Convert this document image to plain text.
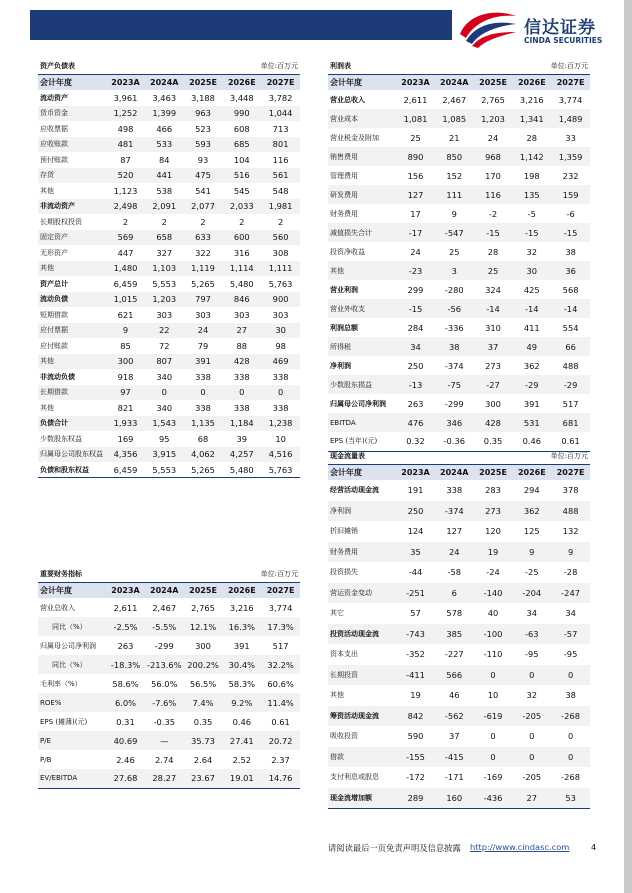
信达证券
CINDA SECURITIES
资产负债表	单位:百万元
会计年度	2023A	2024A	2025E	2026E	2027E
流动资产	3,961	3,463	3,188	3,448	3,782
货币资金	1,252	1,399	963	990	1,044
应收票据	498	466	523	608	713
应收账款	481	533	593	685	801
预付账款	87	84	93	104	116
存货	520	441	475	516	561
其他	1,123	538	541	545	548
非流动资产	2,498	2,091	2,077	2,033	1,981
长期股权投资	2	2	2	2	2
固定资产	569	658	633	600	560
无形资产	447	327	322	316	308
其他	1,480	1,103	1,119	1,114	1,111
资产总计	6,459	5,553	5,265	5,480	5,763
流动负债	1,015	1,203	797	846	900
短期借款	621	303	303	303	303
应付票据	9	22	24	27	30
应付账款	85	72	79	88	98
其他	300	807	391	428	469
非流动负债	918	340	338	338	338
长期借款	97	0	0	0	0
其他	821	340	338	338	338
负债合计	1,933	1,543	1,135	1,184	1,238
少数股东权益	169	95	68	39	10
归属母公司股东权益	4,356	3,915	4,062	4,257	4,516
负债和股东权益	6,459	5,553	5,265	5,480	5,763
重要财务指标	单位:百万元
会计年度	2023A	2024A	2025E	2026E	2027E
营业总收入	2,611	2,467	2,765	3,216	3,774
同比（%）	-2.5%	-5.5%	12.1%	16.3%	17.3%
归属母公司净利润	263	-299	300	391	517
同比（%）	-18.3%	-213.6%	200.2%	30.4%	32.2%
毛利率（%）	58.6%	56.0%	56.5%	58.3%	60.6%
ROE%	6.0%	-7.6%	7.4%	9.2%	11.4%
EPS (摊薄)(元)	0.31	-0.35	0.35	0.46	0.61
P/E	40.69	—	35.73	27.41	20.72
P/B	2.46	2.74	2.64	2.52	2.37
EV/EBITDA	27.68	28.27	23.67	19.01	14.76
利润表	单位:百万元
会计年度	2023A	2024A	2025E	2026E	2027E
营业总收入	2,611	2,467	2,765	3,216	3,774
营业成本	1,081	1,085	1,203	1,341	1,489
营业税金及附加	25	21	24	28	33
销售费用	890	850	968	1,142	1,359
管理费用	156	152	170	198	232
研发费用	127	111	116	135	159
财务费用	17	9	-2	-5	-6
减值损失合计	-17	-547	-15	-15	-15
投资净收益	24	25	28	32	38
其他	-23	3	25	30	36
营业利润	299	-280	324	425	568
营业外收支	-15	-56	-14	-14	-14
利润总额	284	-336	310	411	554
所得税	34	38	37	49	66
净利润	250	-374	273	362	488
少数股东损益	-13	-75	-27	-29	-29
归属母公司净利润	263	-299	300	391	517
EBITDA	476	346	428	531	681
EPS (当年)(元)	0.32	-0.36	0.35	0.46	0.61
现金流量表	单位:百万元
会计年度	2023A	2024A	2025E	2026E	2027E
经营活动现金流	191	338	283	294	378
净利润	250	-374	273	362	488
折旧摊销	124	127	120	125	132
财务费用	35	24	19	9	9
投资损失	-44	-58	-24	-25	-28
营运资金变动	-251	6	-140	-204	-247
其它	57	578	40	34	34
投资活动现金流	-743	385	-100	-63	-57
资本支出	-352	-227	-110	-95	-95
长期投资	-411	566	0	0	0
其他	19	46	10	32	38
筹资活动现金流	842	-562	-619	-205	-268
吸收投资	590	37	0	0	0
借款	-155	-415	0	0	0
支付利息或股息	-172	-171	-169	-205	-268
现金流增加额	289	160	-436	27	53
请阅读最后一页免责声明及信息披露 http://www.cindasc.com	4
